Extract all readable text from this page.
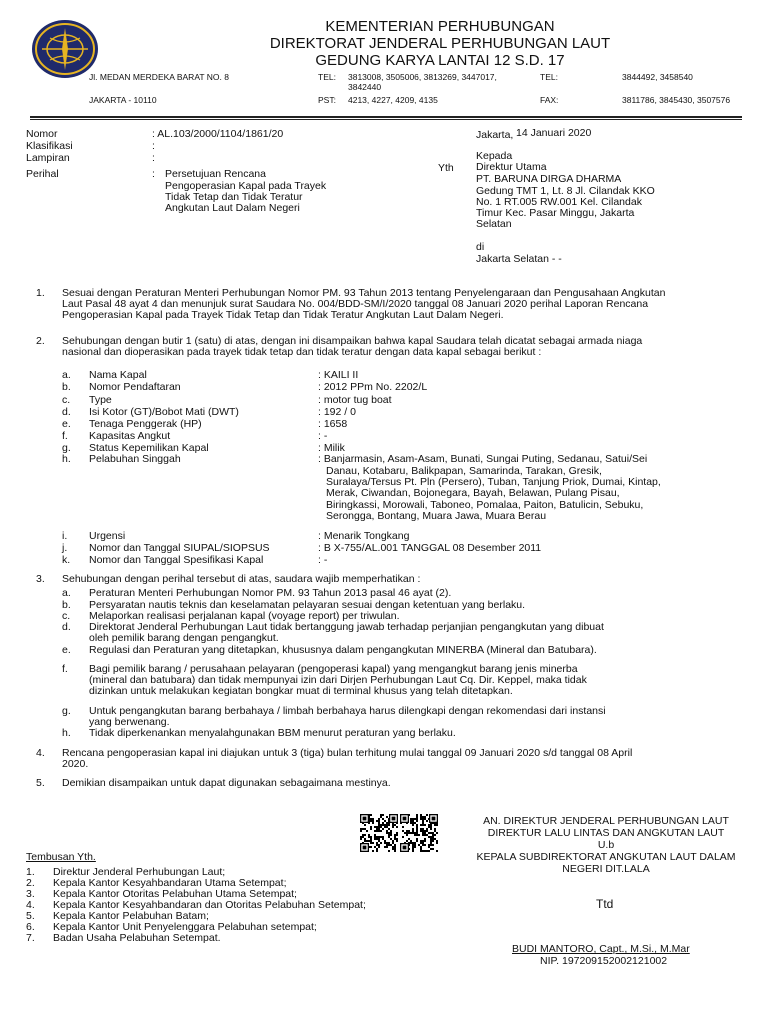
KEMENTERIAN PERHUBUNGAN
DIREKTORAT JENDERAL PERHUBUNGAN LAUT
GEDUNG KARYA LANTAI 12 S.D. 17
Jl. MEDAN MERDEKA BARAT NO. 8
JAKARTA - 10110
TEL: 3813008, 3505006, 3813269, 3447017, 3842440
PST: 4213, 4227, 4209, 4135
TEL:	3844492, 3458540
FAX:	3811786, 3845430, 3507576
Nomor	: AL.103/2000/1104/1861/20
Klasifikasi	:
Lampiran	:
Perihal	: Persetujuan Rencana
Pengoperasian Kapal pada Trayek
Tidak Tetap dan Tidak Teratur
Angkutan Laut Dalam Negeri
Jakarta, 14 Januari 2020
Yth
Kepada
Direktur Utama
PT. BARUNA DIRGA DHARMA
Gedung TMT 1, Lt. 8 Jl. Cilandak KKO
No. 1 RT.005 RW.001 Kel. Cilandak
Timur Kec. Pasar Minggu, Jakarta
Selatan
di
Jakarta Selatan - -
1. Sesuai dengan Peraturan Menteri Perhubungan Nomor PM. 93 Tahun 2013 tentang Penyelengaraan dan Pengusahaan Angkutan
Laut Pasal 48 ayat 4 dan menunjuk surat Saudara No. 004/BDD-SM/I/2020 tanggal 08 Januari 2020 perihal Laporan Rencana
Pengoperasian Kapal pada Trayek Tidak Tetap dan Tidak Teratur Angkutan Laut Dalam Negeri.
2. Sehubungan dengan butir 1 (satu) di atas, dengan ini disampaikan bahwa kapal Saudara telah dicatat sebagai armada niaga
nasional dan dioperasikan pada trayek tidak tetap dan tidak teratur dengan data kapal sebagai berikut :
a. Nama Kapal	: KAILI II
b. Nomor Pendaftaran	: 2012 PPm No. 2202/L
c. Type	: motor tug boat
d. Isi Kotor (GT)/Bobot Mati (DWT)	: 192 / 0
e. Tenaga Penggerak (HP)	: 1658
f. Kapasitas Angkut	: -
g. Status Kepemilikan Kapal	: Milik
h. Pelabuhan Singgah	: Banjarmasin, Asam-Asam, Bunati, Sungai Puting, Sedanau, Satui/Sei
Danau, Kotabaru, Balikpapan, Samarinda, Tarakan, Gresik,
Suralaya/Tersus Pt. Pln (Persero), Tuban, Tanjung Priok, Dumai, Kintap,
Merak, Ciwandan, Bojonegara, Bayah, Belawan, Pulang Pisau,
Biringkassi, Morowali, Taboneo, Pomalaa, Paiton, Batulicin, Sebuku,
Serongga, Bontang, Muara Jawa, Muara Berau
i. Urgensi	: Menarik Tongkang
j. Nomor dan Tanggal SIUPAL/SIOPSUS	: B X-755/AL.001 TANGGAL 08 Desember 2011
k. Nomor dan Tanggal Spesifikasi Kapal	: -
3. Sehubungan dengan perihal tersebut di atas, saudara wajib memperhatikan :
a. Peraturan Menteri Perhubungan Nomor PM. 93 Tahun 2013 pasal 46 ayat (2).
b. Persyaratan nautis teknis dan keselamatan pelayaran sesuai dengan ketentuan yang berlaku.
c. Melaporkan realisasi perjalanan kapal (voyage report) per triwulan.
d. Direktorat Jenderal Perhubungan Laut tidak bertanggung jawab terhadap perjanjian pengangkutan yang dibuat
oleh pemilik barang dengan pengangkut.
e. Regulasi dan Peraturan yang ditetapkan, khususnya dalam pengangkutan MINERBA (Mineral dan Batubara).
f. Bagi pemilik barang / perusahaan pelayaran (pengoperasi kapal) yang mengangkut barang jenis minerba
(mineral dan batubara) dan tidak mempunyai izin dari Dirjen Perhubungan Laut Cq. Dir. Keppel, maka tidak
dizinkan untuk melakukan kegiatan bongkar muat di terminal khusus yang telah ditetapkan.
g. Untuk pengangkutan barang berbahaya / limbah berbahaya harus dilengkapi dengan rekomendasi dari instansi
yang berwenang.
h. Tidak diperkenankan menyalahgunakan BBM menurut peraturan yang berlaku.
4. Rencana pengoperasian kapal ini diajukan untuk 3 (tiga) bulan terhitung mulai tanggal 09 Januari 2020 s/d tanggal 08 April
2020.
5. Demikian disampaikan untuk dapat digunakan sebagaimana mestinya.
AN. DIREKTUR JENDERAL PERHUBUNGAN LAUT
DIREKTUR LALU LINTAS DAN ANGKUTAN LAUT
U.b
KEPALA SUBDIREKTORAT ANGKUTAN LAUT DALAM
NEGERI DIT.LALA
Ttd
BUDI MANTORO, Capt., M.Si., M.Mar
NIP. 197209152002121002
Tembusan Yth.
1. Direktur Jenderal Perhubungan Laut;
2. Kepala Kantor Kesyahbandaran Utama Setempat;
3. Kepala Kantor Otoritas Pelabuhan Utama Setempat;
4. Kepala Kantor Kesyahbandaran dan Otoritas Pelabuhan Setempat;
5. Kepala Kantor Pelabuhan Batam;
6. Kepala Kantor Unit Penyelenggara Pelabuhan setempat;
7. Badan Usaha Pelabuhan Setempat.
